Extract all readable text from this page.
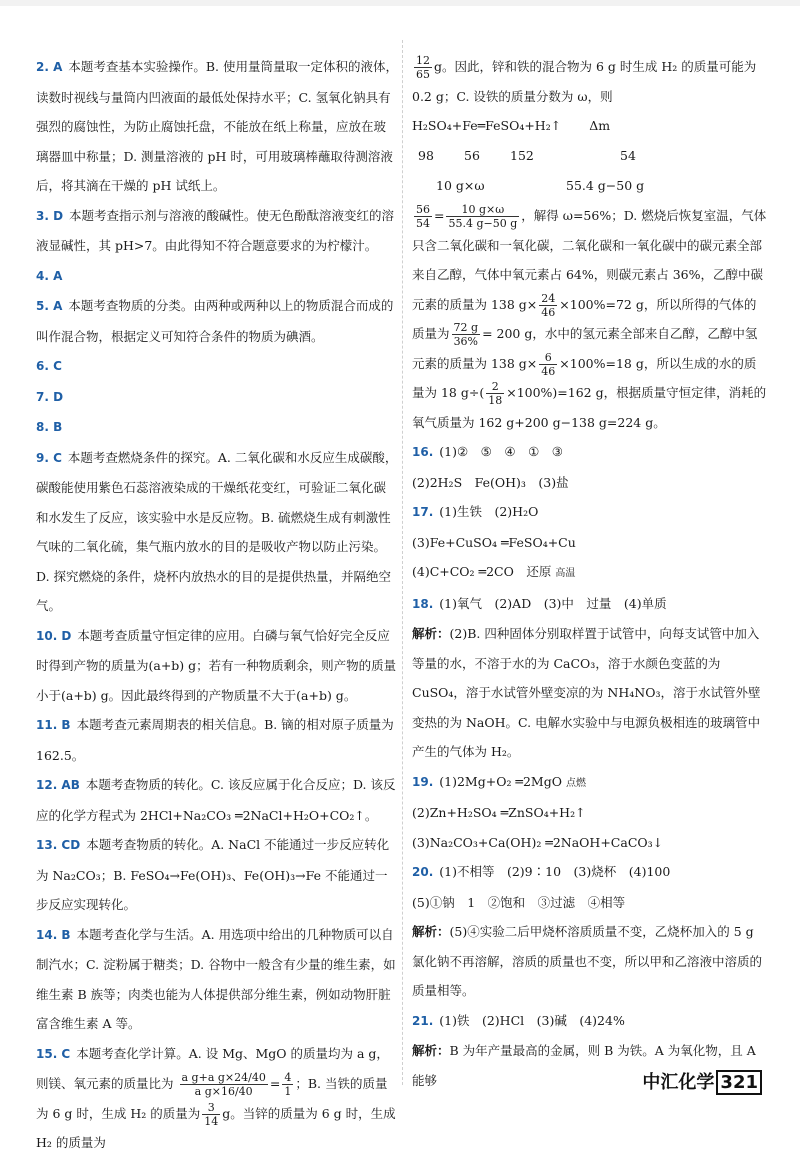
2. A 本题考查基本实验操作。B. 使用量筒量取一定体积的液体，读数时视线与量筒内凹液面的最低处保持水平；C. 氢氧化钠具有强烈的腐蚀性，为防止腐蚀托盘，不能放在纸上称量，应放在玻璃器皿中称量；D. 测量溶液的 pH 时，可用玻璃棒蘸取待测溶液后，将其滴在干燥的 pH 试纸上。
3. D 本题考查指示剂与溶液的酸碱性。使无色酚酞溶液变红的溶液显碱性，其 pH>7。由此得知不符合题意要求的为柠檬汁。
4. A
5. A 本题考查物质的分类。由两种或两种以上的物质混合而成的叫作混合物，根据定义可知符合条件的物质为碘酒。
6. C
7. D
8. B
9. C 本题考查燃烧条件的探究。A. 二氧化碳和水反应生成碳酸，碳酸能使用紫色石蕊溶液染成的干燥纸花变红，可验证二氧化碳和水发生了反应，该实验中水是反应物。B. 硫燃烧生成有刺激性气味的二氧化硫，集气瓶内放水的目的是吸收产物以防止污染。D. 探究燃烧的条件，烧杯内放热水的目的是提供热量，并隔绝空气。
10. D 本题考查质量守恒定律的应用。白磷与氧气恰好完全反应时得到产物的质量为(a+b) g；若有一种物质剩余，则产物的质量小于(a+b) g。因此最终得到的产物质量不大于(a+b) g。
11. B 本题考查元素周期表的相关信息。B. 镝的相对原子质量为 162.5。
12. AB 本题考查物质的转化。C. 该反应属于化合反应；D. 该反应的化学方程式为 2HCl+Na₂CO₃ ═2NaCl+H₂O+CO₂↑。
13. CD 本题考查物质的转化。A. NaCl 不能通过一步反应转化为 Na₂CO₃；B. FeSO₄→Fe(OH)₃、Fe(OH)₃→Fe 不能通过一步反应实现转化。
14. B 本题考查化学与生活。A. 用选项中给出的几种物质可以自制汽水；C. 淀粉属于糖类；D. 谷物中一般含有少量的维生素，如维生素 B 族等；肉类也能为人体提供部分维生素，例如动物肝脏富含维生素 A 等。
15. C 本题考查化学计算。A. 设 Mg、MgO 的质量均为 a g，则镁、氧元素的质量比为 $\frac{\text{a g+a g×24/40}}{\text{a g×16/40}} = \frac{4}{1}$ ；B. 当铁的质量为 6 g 时，生成 H₂ 的质量为 $\frac{3}{14}$ g。当锌的质量为 6 g 时，生成 H₂ 的质量为
$\frac{12}{65}$ g。因此，锌和铁的混合物为 6 g 时生成 H₂ 的质量可能为 0.2 g；C. 设铁的质量分数为 ω，则
H₂SO₄+Fe═FeSO₄+H₂↑ Δm
98 56 152	54
10 g×ω	55.4 g−50 g
$\frac{56}{54} = \frac{10 g\times\omega}{55.4 g-50 g}$ ，解得 ω=56%；D. 燃烧后恢复室温，气体只含二氧化碳和一氧化碳，二氧化碳和一氧化碳中的碳元素全部来自乙醇，气体中氧元素占 64%，则碳元素占 36%，乙醇中碳元素的质量为 138 $g\times \frac{24}{46} \times 100\%=72$ g，所以所得的气体的质量为 $\frac{72 g}{36\%} = 200$ g，水中的氢元素全部来自乙醇，乙醇中氢元素的质量为 138 $g\times \frac{6}{46} \times 100\%=18$ g，所以生成的水的质量为 18 $g\div( \frac{2}{18} \times 100\%)=162$ g，根据质量守恒定律，消耗的氧气质量为 162 g+200 g−138 g=224 g。

16. (1)②　⑤　④　①　③

(2)2H₂S　Fe(OH)₃　(3)盐

17. (1)生铁　(2)H₂O

(3)Fe+CuSO₄ ═FeSO₄+Cu

(4)C+CO₂ ═2CO　还原 高温

18. (1)氧气　(2)AD　(3)中　过量　(4)单质

解析：(2)B. 四种固体分别取样置于试管中，向每支试管中加入等量的水，不溶于水的为 CaCO₃，溶于水颜色变蓝的为 CuSO₄，溶于水试管外壁变凉的为 NH₄NO₃，溶于水试管外壁变热的为 NaOH。C. 电解水实验中与电源负极相连的玻璃管中产生的气体为 H₂。

19. (1)2Mg+O₂ ═2MgO 点燃

(2)Zn+H₂SO₄ ═ZnSO₄+H₂↑

(3)Na₂CO₃+Ca(OH)₂ ═2NaOH+CaCO₃↓

20. (1)不相等　(2)9∶10　(3)烧杯　(4)100

(5)①钠　1　②饱和　③过滤　④相等

解析：(5)④实验二后甲烧杯溶质质量不变，乙烧杯加入的 5 g 氯化钠不再溶解，溶质的质量也不变，所以甲和乙溶液中溶质的质量相等。

21. (1)铁　(2)HCl　(3)碱　(4)24%

解析：B 为年产量最高的金属，则 B 为铁。A 为氧化物，且 A 能够	中汇化学 321
